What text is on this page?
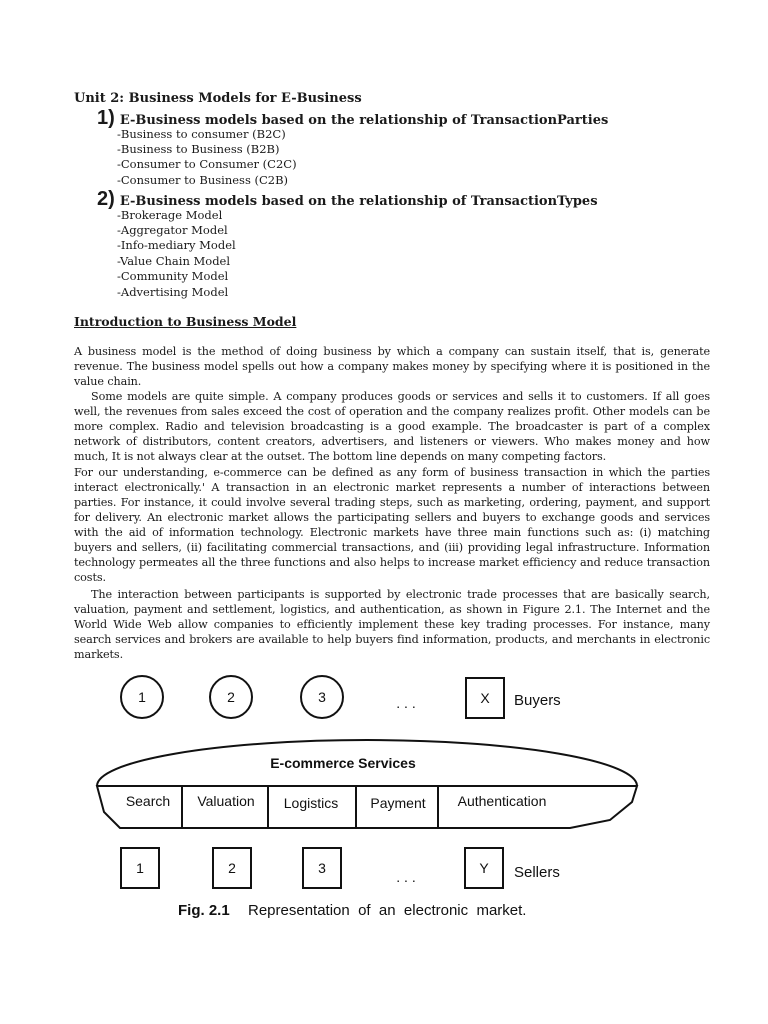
Unit 2: Business Models for E-Business
1) E-Business models based on the relationship of TransactionParties
-Business to consumer (B2C)
-Business to Business (B2B)
-Consumer to Consumer (C2C)
-Consumer to Business (C2B)
2) E-Business models based on the relationship of TransactionTypes
-Brokerage Model
-Aggregator Model
-Info-mediary Model
-Value Chain Model
-Community Model
-Advertising Model
Introduction to Business Model

A business model is the method of doing business by which a company can sustain itself, that is, generate revenue. The business model spells out how a company makes money by specifying where it is positioned in the value chain.

Some models are quite simple. A company produces goods or services and sells it to customers. If all goes well, the revenues from sales exceed the cost of operation and the company realizes profit. Other models can be more complex. Radio and television broadcasting is a good example. The broadcaster is part of a complex network of distributors, content creators, advertisers, and listeners or viewers. Who makes money and how much, It is not always clear at the outset. The bottom line depends on many competing factors.

For our understanding, e-commerce can be defined as any form of business transaction in which the parties interact electronically.' A transaction in an electronic market represents a number of interactions between parties. For instance, it could involve several trading steps, such as marketing, ordering, payment, and support for delivery. An electronic market allows the participating sellers and buyers to exchange goods and services with the aid of information technology. Electronic markets have three main functions such as: (i) matching buyers and sellers, (ii) facilitating commercial transactions, and (iii) providing legal infrastructure. Information technology permeates all the three functions and also helps to increase market efficiency and reduce transaction costs.
The interaction between participants is supported by electronic trade processes that are basically search, valuation, payment and settlement, logistics, and authentication, as shown in Figure 2.1. The Internet and the World Wide Web allow companies to efficiently implement these key trading processes. For instance, many search services and brokers are available to help buyers find information, products, and merchants in electronic markets.
1	2	3	. . .	X Buyers
E-commerce Services
Search Valuation Logistics Payment Authentication
1	2	3
. . .
Y Sellers
Fig. 2.1 Representation  of  an  electronic  market.
